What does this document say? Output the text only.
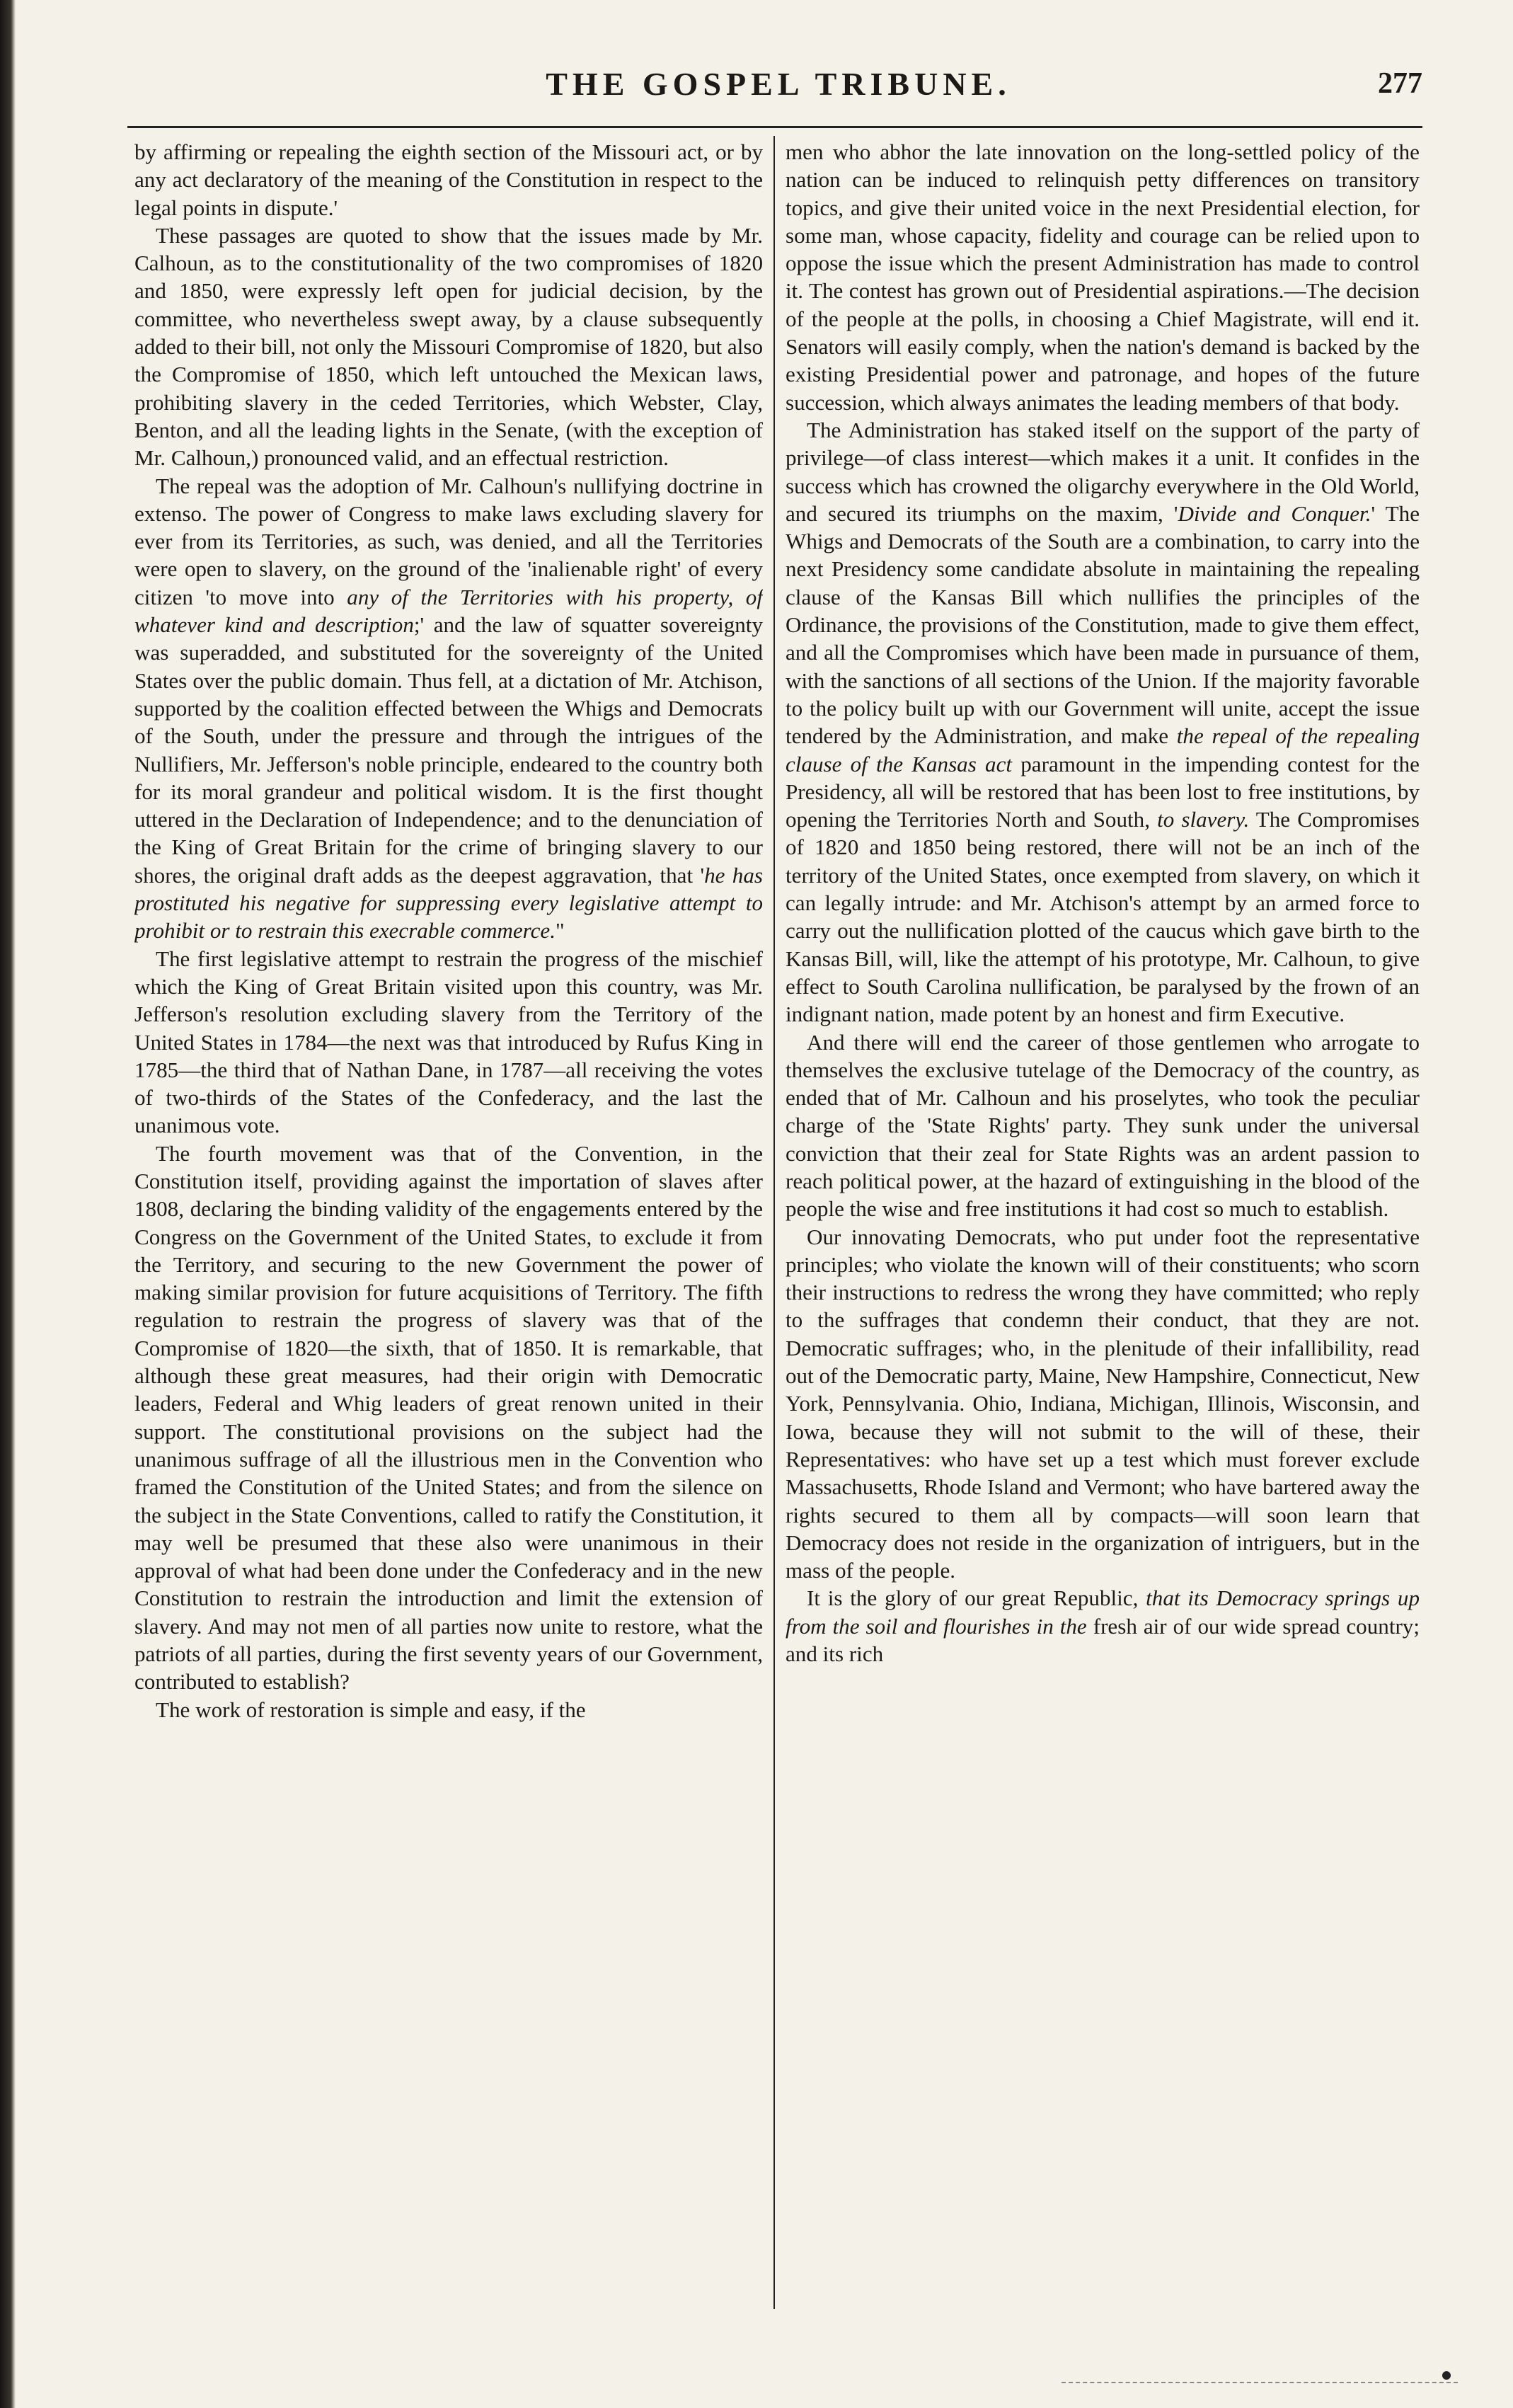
THE GOSPEL TRIBUNE.	277

by affirming or repealing the eighth section of the Missouri act, or by any act declaratory of the meaning of the Constitution in respect to the legal points in dispute.'

These passages are quoted to show that the issues made by Mr. Calhoun, as to the constitutionality of the two compromises of 1820 and 1850, were expressly left open for judicial decision, by the committee, who nevertheless swept away, by a clause subsequently added to their bill, not only the Missouri Compromise of 1820, but also the Compromise of 1850, which left untouched the Mexican laws, prohibiting slavery in the ceded Territories, which Webster, Clay, Benton, and all the leading lights in the Senate, (with the exception of Mr. Calhoun,) pronounced valid, and an effectual restriction.

The repeal was the adoption of Mr. Calhoun's nullifying doctrine in extenso. The power of Congress to make laws excluding slavery for ever from its Territories, as such, was denied, and all the Territories were open to slavery, on the ground of the 'inalienable right' of every citizen 'to move into any of the Territories with his property, of whatever kind and description;' and the law of squatter sovereignty was superadded, and substituted for the sovereignty of the United States over the public domain. Thus fell, at a dictation of Mr. Atchison, supported by the coalition effected between the Whigs and Democrats of the South, under the pressure and through the intrigues of the Nullifiers, Mr. Jefferson's noble principle, endeared to the country both for its moral grandeur and political wisdom. It is the first thought uttered in the Declaration of Independence; and to the denunciation of the King of Great Britain for the crime of bringing slavery to our shores, the original draft adds as the deepest aggravation, that 'he has prostituted his negative for suppressing every legislative attempt to prohibit or to restrain this execrable commerce."

The first legislative attempt to restrain the progress of the mischief which the King of Great Britain visited upon this country, was Mr. Jefferson's resolution excluding slavery from the Territory of the United States in 1784—the next was that introduced by Rufus King in 1785—the third that of Nathan Dane, in 1787—all receiving the votes of two-thirds of the States of the Confederacy, and the last the unanimous vote.

The fourth movement was that of the Convention, in the Constitution itself, providing against the importation of slaves after 1808, declaring the binding validity of the engagements entered by the Congress on the Government of the United States, to exclude it from the Territory, and securing to the new Government the power of making similar provision for future acquisitions of Territory. The fifth regulation to restrain the progress of slavery was that of the Compromise of 1820—the sixth, that of 1850. It is remarkable, that although these great measures, had their origin with Democratic leaders, Federal and Whig leaders of great renown united in their support. The constitutional provisions on the subject had the unanimous suffrage of all the illustrious men in the Convention who framed the Constitution of the United States; and from the silence on the subject in the State Conventions, called to ratify the Constitution, it may well be presumed that these also were unanimous in their approval of what had been done under the Confederacy and in the new Constitution to restrain the introduction and limit the extension of slavery. And may not men of all parties now unite to restore, what the patriots of all parties, during the first seventy years of our Government, contributed to establish?

The work of restoration is simple and easy, if the

men who abhor the late innovation on the long-settled policy of the nation can be induced to relinquish petty differences on transitory topics, and give their united voice in the next Presidential election, for some man, whose capacity, fidelity and courage can be relied upon to oppose the issue which the present Administration has made to control it. The contest has grown out of Presidential aspirations.—The decision of the people at the polls, in choosing a Chief Magistrate, will end it. Senators will easily comply, when the nation's demand is backed by the existing Presidential power and patronage, and hopes of the future succession, which always animates the leading members of that body.

The Administration has staked itself on the support of the party of privilege—of class interest—which makes it a unit. It confides in the success which has crowned the oligarchy everywhere in the Old World, and secured its triumphs on the maxim, 'Divide and Conquer.' The Whigs and Democrats of the South are a combination, to carry into the next Presidency some candidate absolute in maintaining the repealing clause of the Kansas Bill which nullifies the principles of the Ordinance, the provisions of the Constitution, made to give them effect, and all the Compromises which have been made in pursuance of them, with the sanctions of all sections of the Union. If the majority favorable to the policy built up with our Government will unite, accept the issue tendered by the Administration, and make the repeal of the repealing clause of the Kansas act paramount in the impending contest for the Presidency, all will be restored that has been lost to free institutions, by opening the Territories North and South, to slavery. The Compromises of 1820 and 1850 being restored, there will not be an inch of the territory of the United States, once exempted from slavery, on which it can legally intrude: and Mr. Atchison's attempt by an armed force to carry out the nullification plotted of the caucus which gave birth to the Kansas Bill, will, like the attempt of his prototype, Mr. Calhoun, to give effect to South Carolina nullification, be paralysed by the frown of an indignant nation, made potent by an honest and firm Executive.

And there will end the career of those gentlemen who arrogate to themselves the exclusive tutelage of the Democracy of the country, as ended that of Mr. Calhoun and his proselytes, who took the peculiar charge of the 'State Rights' party. They sunk under the universal conviction that their zeal for State Rights was an ardent passion to reach political power, at the hazard of extinguishing in the blood of the people the wise and free institutions it had cost so much to establish.

Our innovating Democrats, who put under foot the representative principles; who violate the known will of their constituents; who scorn their instructions to redress the wrong they have committed; who reply to the suffrages that condemn their conduct, that they are not. Democratic suffrages; who, in the plenitude of their infallibility, read out of the Democratic party, Maine, New Hampshire, Connecticut, New York, Pennsylvania. Ohio, Indiana, Michigan, Illinois, Wisconsin, and Iowa, because they will not submit to the will of these, their Representatives: who have set up a test which must forever exclude Massachusetts, Rhode Island and Vermont; who have bartered away the rights secured to them all by compacts—will soon learn that Democracy does not reside in the organization of intriguers, but in the mass of the people.

It is the glory of our great Republic, that its Democracy springs up from the soil and flourishes in the fresh air of our wide spread country; and its rich
